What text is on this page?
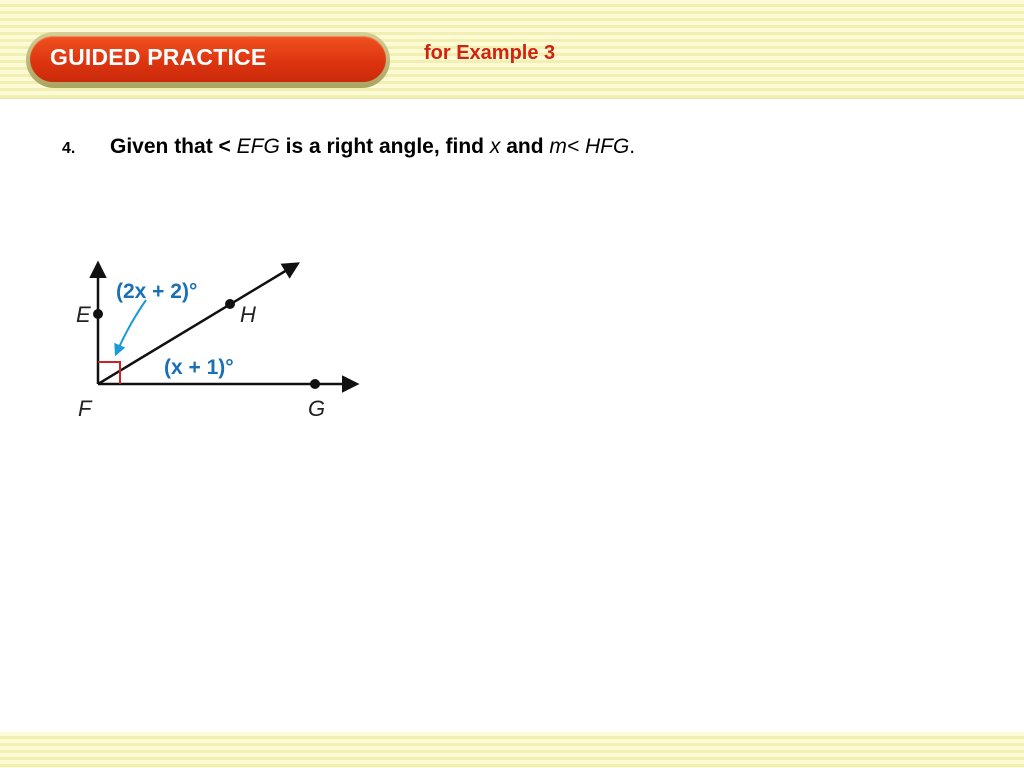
GUIDED PRACTICE	for Example 3
4. Given that < EFG is a right angle, find x and m< HFG.
E
F	G
H
(2x + 2)°
(x + 1)°
